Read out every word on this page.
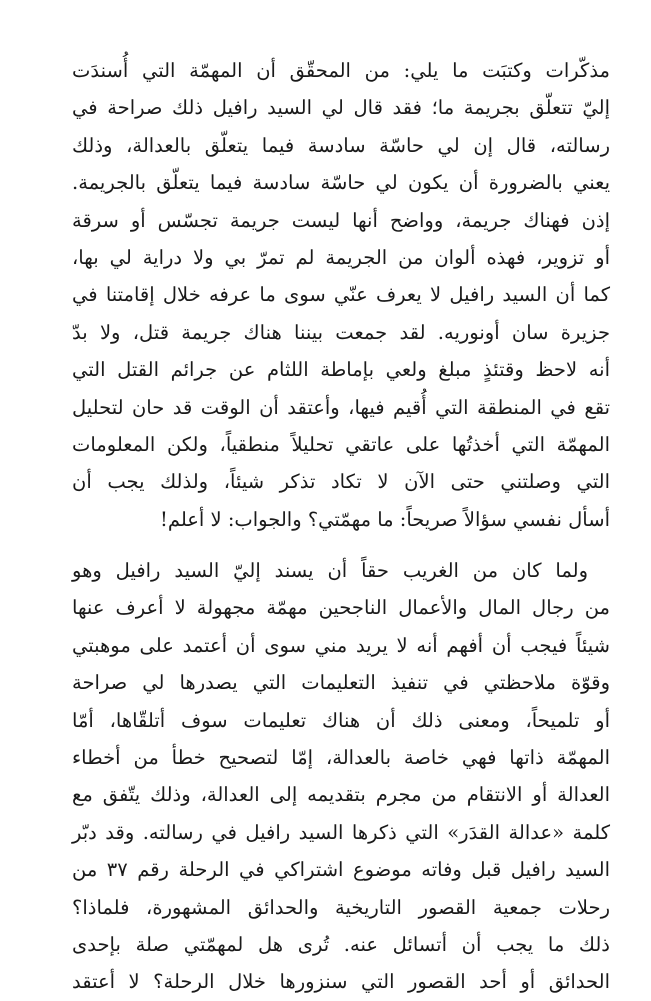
مذكّرات وكتبَت ما يلي: من المحقّق أن المهمّة التي أُسندَت
إليّ تتعلّق بجريمة ما؛ فقد قال لي السيد رافيل ذلك صراحة في
رسالته، قال إن لي حاسّة سادسة فيما يتعلّق بالعدالة، وذلك
يعني بالضرورة أن يكون لي حاسّة سادسة فيما يتعلّق بالجريمة.
إذن فهناك جريمة، وواضح أنها ليست جريمة تجسّس أو سرقة
أو تزوير، فهذه ألوان من الجريمة لم تمرّ بي ولا دراية لي بها،
كما أن السيد رافيل لا يعرف عنّي سوى ما عرفه خلال إقامتنا في
جزيرة سان أونوريه. لقد جمعت بيننا هناك جريمة قتل، ولا بدّ
أنه لاحظ وقتئذٍ مبلغ ولعي بإماطة اللثام عن جرائم القتل التي
تقع في المنطقة التي أُقيم فيها، وأعتقد أن الوقت قد حان لتحليل
المهمّة التي أخذتُها على عاتقي تحليلاً منطقياً، ولكن المعلومات
التي وصلتني حتى الآن لا تكاد تذكر شيئاً، ولذلك يجب أن
أسأل نفسي سؤالاً صريحاً: ما مهمّتي؟ والجواب: لا أعلم!
ولما كان من الغريب حقاً أن يسند إليّ السيد رافيل وهو
من رجال المال والأعمال الناجحين مهمّة مجهولة لا أعرف عنها
شيئاً فيجب أن أفهم أنه لا يريد مني سوى أن أعتمد على موهبتي
وقوّة ملاحظتي في تنفيذ التعليمات التي يصدرها لي صراحة
أو تلميحاً، ومعنى ذلك أن هناك تعليمات سوف أتلقّاها، أمّا
المهمّة ذاتها فهي خاصة بالعدالة، إمّا لتصحيح خطأ من أخطاء
العدالة أو الانتقام من مجرم بتقديمه إلى العدالة، وذلك يتّفق مع
كلمة «عدالة القدَر» التي ذكرها السيد رافيل في رسالته. وقد دبّر
السيد رافيل قبل وفاته موضوع اشتراكي في الرحلة رقم ٣٧ من
رحلات جمعية القصور التاريخية والحدائق المشهورة، فلماذا؟
ذلك ما يجب أن أتسائل عنه. تُرى هل لمهمّتي صلة بإحدى
الحدائق أو أحد القصور التي سنزورها خلال الرحلة؟ لا أعتقد
